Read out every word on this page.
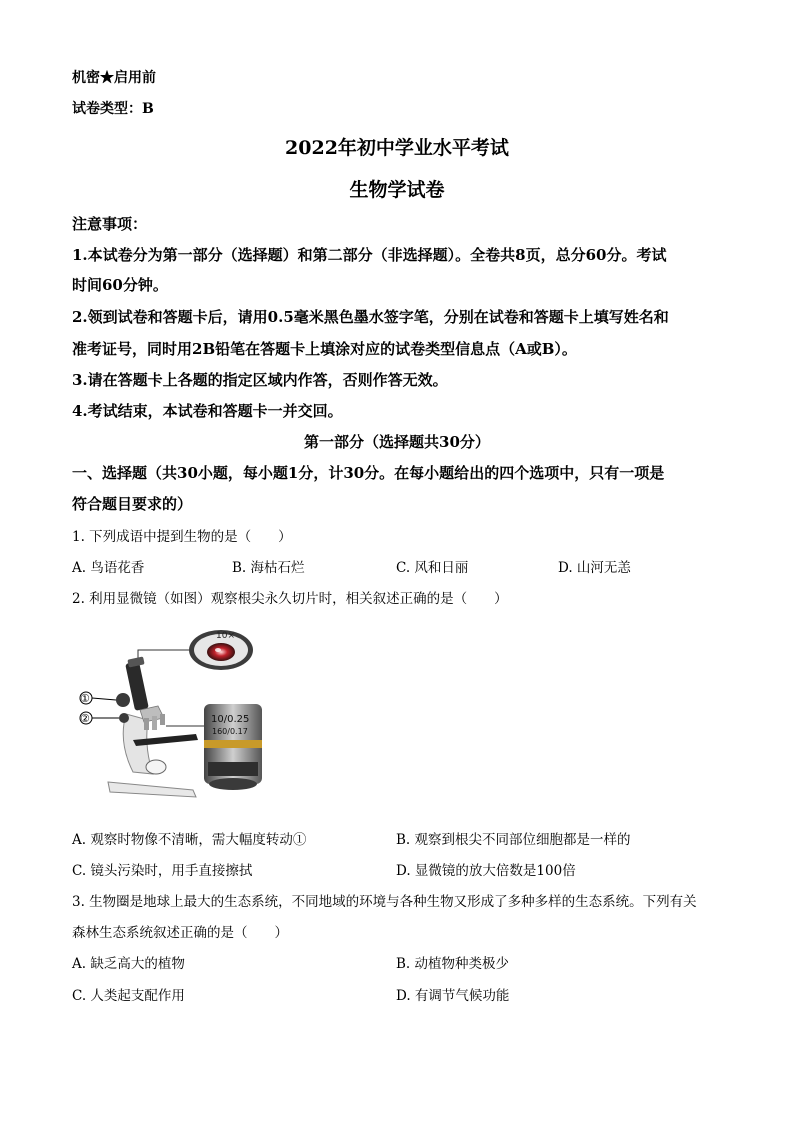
机密★启用前
试卷类型：B
2022年初中学业水平考试
生物学试卷
注意事项：
1.本试卷分为第一部分（选择题）和第二部分（非选择题）。全卷共8页，总分60分。考试
时间60分钟。
2.领到试卷和答题卡后，请用0.5毫米黑色墨水签字笔，分别在试卷和答题卡上填写姓名和
准考证号，同时用2B铅笔在答题卡上填涂对应的试卷类型信息点（A或B）。
3.请在答题卡上各题的指定区域内作答，否则作答无效。
4.考试结束，本试卷和答题卡一并交回。
第一部分（选择题共30分）
一、选择题（共30小题，每小题1分，计30分。在每小题给出的四个选项中，只有一项是
符合题目要求的）
1. 下列成语中提到生物的是（　　）
A. 鸟语花香	B. 海枯石烂	C. 风和日丽	D. 山河无恙
2. 利用显微镜（如图）观察根尖永久切片时，相关叙述正确的是（　　）
10×
①
②	10/0.25
160/0.17
A. 观察时物像不清晰，需大幅度转动①	B. 观察到根尖不同部位细胞都是一样的
C. 镜头污染时，用手直接擦拭	D. 显微镜的放大倍数是100倍
3. 生物圈是地球上最大的生态系统，不同地域的环境与各种生物又形成了多种多样的生态系统。下列有关
森林生态系统叙述正确的是（　　）
A. 缺乏高大的植物	B. 动植物种类极少
C. 人类起支配作用	D. 有调节气候功能
